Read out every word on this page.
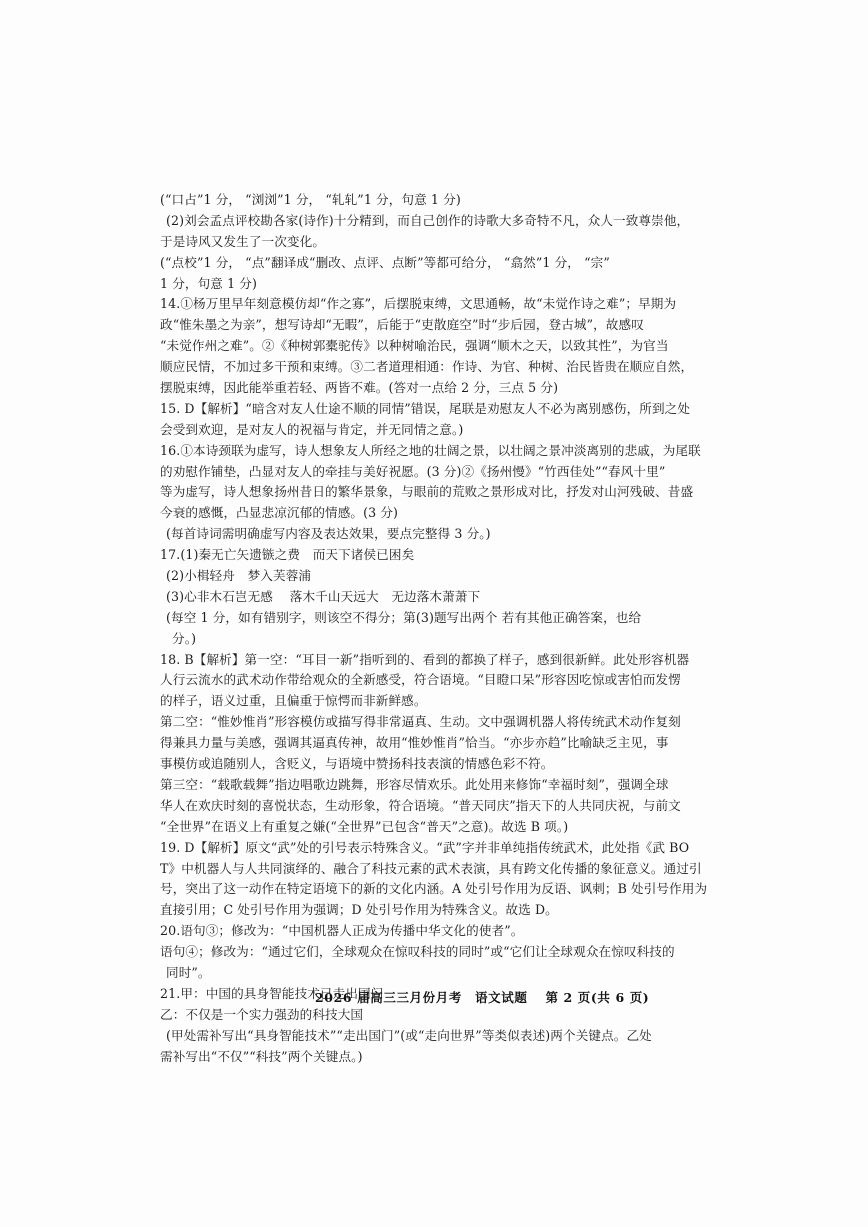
(“口占”1 分， “浏浏”1 分， “轧轧”1 分，句意 1 分)
(2)刘会孟点评校勘各家(诗作)十分精到，而自己创作的诗歌大多奇特不凡，众人一致尊崇他，
于是诗风又发生了一次变化。
(“点校”1 分， “点”翻译成“删改、点评、点断”等都可给分， “翕然”1 分， “宗”
1 分，句意 1 分)
14.①杨万里早年刻意模仿却“作之寡”，后摆脱束缚，文思通畅，故“未觉作诗之难”；早期为
政“惟朱墨之为亲”，想写诗却“无暇”，后能于“吏散庭空”时“步后园，登古城”，故感叹
“未觉作州之难”。②《种树郭橐驼传》以种树喻治民，强调“顺木之天，以致其性”，为官当
顺应民情，不加过多干预和束缚。③二者道理相通：作诗、为官、种树、治民皆贵在顺应自然，
摆脱束缚，因此能举重若轻、两皆不难。(答对一点给 2 分，三点 5 分)
15. D【解析】“暗含对友人仕途不顺的同情”错误，尾联是劝慰友人不必为离别感伤，所到之处
会受到欢迎，是对友人的祝福与肯定，并无同情之意。)
16.①本诗颈联为虚写，诗人想象友人所经之地的壮阔之景，以壮阔之景冲淡离别的悲戚，为尾联
的劝慰作铺垫，凸显对友人的牵挂与美好祝愿。(3 分)②《扬州慢》“竹西佳处”“春风十里”
等为虚写，诗人想象扬州昔日的繁华景象，与眼前的荒败之景形成对比，抒发对山河残破、昔盛
今衰的感慨，凸显悲凉沉郁的情感。(3 分)
(每首诗词需明确虚写内容及表达效果，要点完整得 3 分。)
17.(1)秦无亡矢遗镞之费　而天下诸侯已困矣
(2)小楫轻舟　梦入芙蓉浦
(3)心非木石岂无感　 落木千山天远大　无边落木萧萧下
(每空 1 分，如有错别字，则该空不得分；第(3)题写出两个 若有其他正确答案，也给
分。)
18. B【解析】第一空：“耳目一新”指听到的、看到的都换了样子，感到很新鲜。此处形容机器
人行云流水的武术动作带给观众的全新感受，符合语境。“目瞪口呆”形容因吃惊或害怕而发愣
的样子，语义过重，且偏重于惊愕而非新鲜感。
第二空：“惟妙惟肖”形容模仿或描写得非常逼真、生动。文中强调机器人将传统武术动作复刻
得兼具力量与美感，强调其逼真传神，故用“惟妙惟肖”恰当。“亦步亦趋”比喻缺乏主见，事
事模仿或追随别人，含贬义，与语境中赞扬科技表演的情感色彩不符。
第三空：“载歌载舞”指边唱歌边跳舞，形容尽情欢乐。此处用来修饰“幸福时刻”，强调全球
华人在欢庆时刻的喜悦状态，生动形象，符合语境。“普天同庆”指天下的人共同庆祝，与前文
“全世界”在语义上有重复之嫌(“全世界”已包含“普天”之意)。故选 B 项。)
19. D【解析】原文“武”处的引号表示特殊含义。“武”字并非单纯指传统武术，此处指《武 BO
T》中机器人与人共同演绎的、融合了科技元素的武术表演，具有跨文化传播的象征意义。通过引
号，突出了这一动作在特定语境下的新的文化内涵。A 处引号作用为反语、讽刺；B 处引号作用为
直接引用；C 处引号作用为强调；D 处引号作用为特殊含义。故选 D。
20.语句③；修改为：“中国机器人正成为传播中华文化的使者”。
语句④；修改为：“通过它们，全球观众在惊叹科技的同时”或“它们让全球观众在惊叹科技的
同时”。
21.甲：中国的具身智能技术已走出国门
乙：不仅是一个实力强劲的科技大国
(甲处需补写出“具身智能技术”“走出国门”(或“走向世界”等类似表述)两个关键点。乙处
需补写出“不仅”“科技”两个关键点。)
2026 届高三三月份月考　语文试题　 第 2 页(共 6 页)
